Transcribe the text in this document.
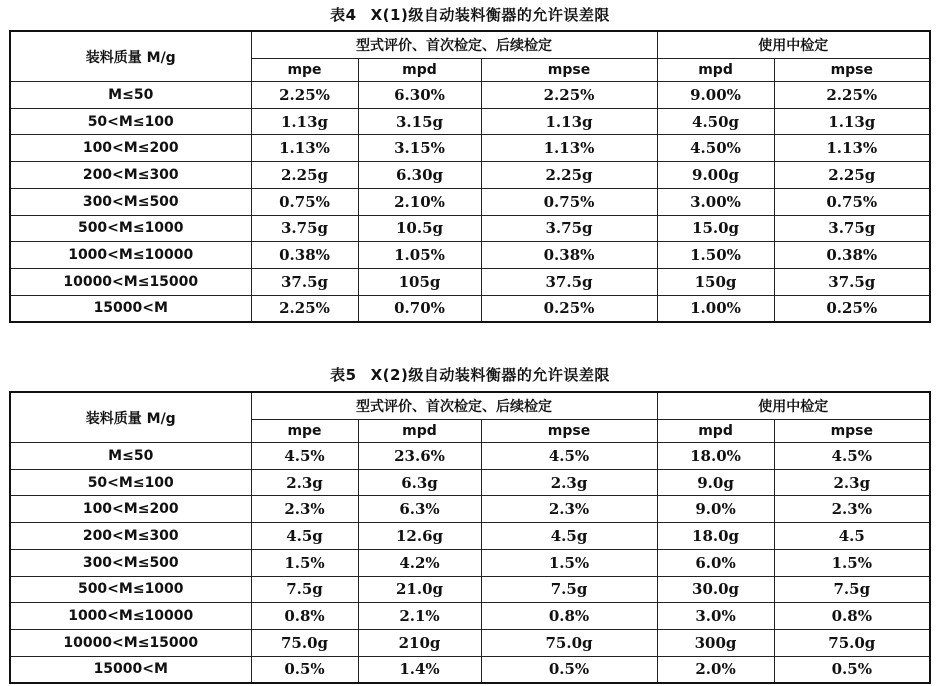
表4 X(1)级自动装料衡器的允许误差限
装料质量 M/g	型式评价、首次检定、后续检定			使用中检定	
	mpe	mpd	mpse	mpd	mpse
M≤50	2.25%	6.30%	2.25%	9.00%	2.25%
50<M≤100	1.13g	3.15g	1.13g	4.50g	1.13g
100<M≤200	1.13%	3.15%	1.13%	4.50%	1.13%
200<M≤300	2.25g	6.30g	2.25g	9.00g	2.25g
300<M≤500	0.75%	2.10%	0.75%	3.00%	0.75%
500<M≤1000	3.75g	10.5g	3.75g	15.0g	3.75g
1000<M≤10000	0.38%	1.05%	0.38%	1.50%	0.38%
10000<M≤15000	37.5g	105g	37.5g	150g	37.5g
15000<M	2.25%	0.70%	0.25%	1.00%	0.25%
表5 X(2)级自动装料衡器的允许误差限
装料质量 M/g	型式评价、首次检定、后续检定			使用中检定	
	mpe	mpd	mpse	mpd	mpse
M≤50	4.5%	23.6%	4.5%	18.0%	4.5%
50<M≤100	2.3g	6.3g	2.3g	9.0g	2.3g
100<M≤200	2.3%	6.3%	2.3%	9.0%	2.3%
200<M≤300	4.5g	12.6g	4.5g	18.0g	4.5
300<M≤500	1.5%	4.2%	1.5%	6.0%	1.5%
500<M≤1000	7.5g	21.0g	7.5g	30.0g	7.5g
1000<M≤10000	0.8%	2.1%	0.8%	3.0%	0.8%
10000<M≤15000	75.0g	210g	75.0g	300g	75.0g
15000<M	0.5%	1.4%	0.5%	2.0%	0.5%
